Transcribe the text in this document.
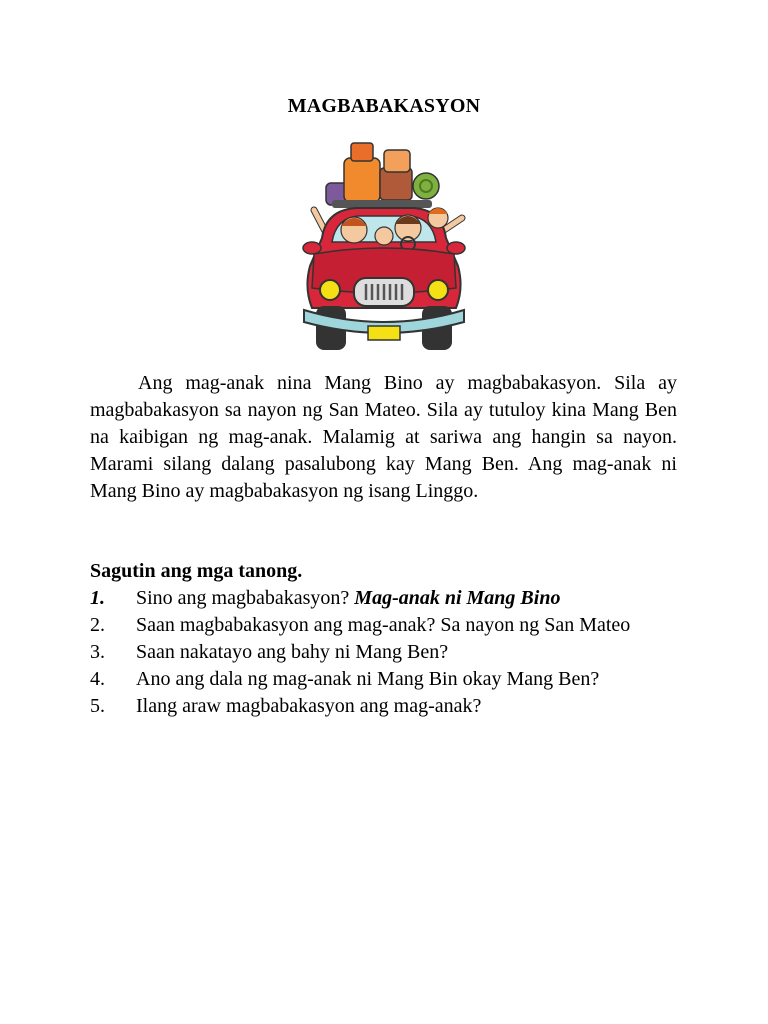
MAGBABAKASYON

Ang mag-anak nina Mang Bino ay magbabakasyon. Sila ay magbabakasyon sa nayon ng San Mateo. Sila ay tutuloy kina Mang Ben na kaibigan ng mag-anak. Malamig at sariwa ang hangin sa nayon. Marami silang dalang pasalubong kay Mang Ben. Ang mag-anak ni Mang Bino ay magbabakasyon ng isang Linggo.

Sagutin ang mga tanong.
1.	Sino ang magbabakasyon? Mag-anak ni Mang Bino
2.	Saan magbabakasyon ang mag-anak? Sa nayon ng San Mateo
3.	Saan nakatayo ang bahy ni Mang Ben?
4.	Ano ang dala ng mag-anak ni Mang Bin okay Mang Ben?
5.	Ilang araw magbabakasyon ang mag-anak?
